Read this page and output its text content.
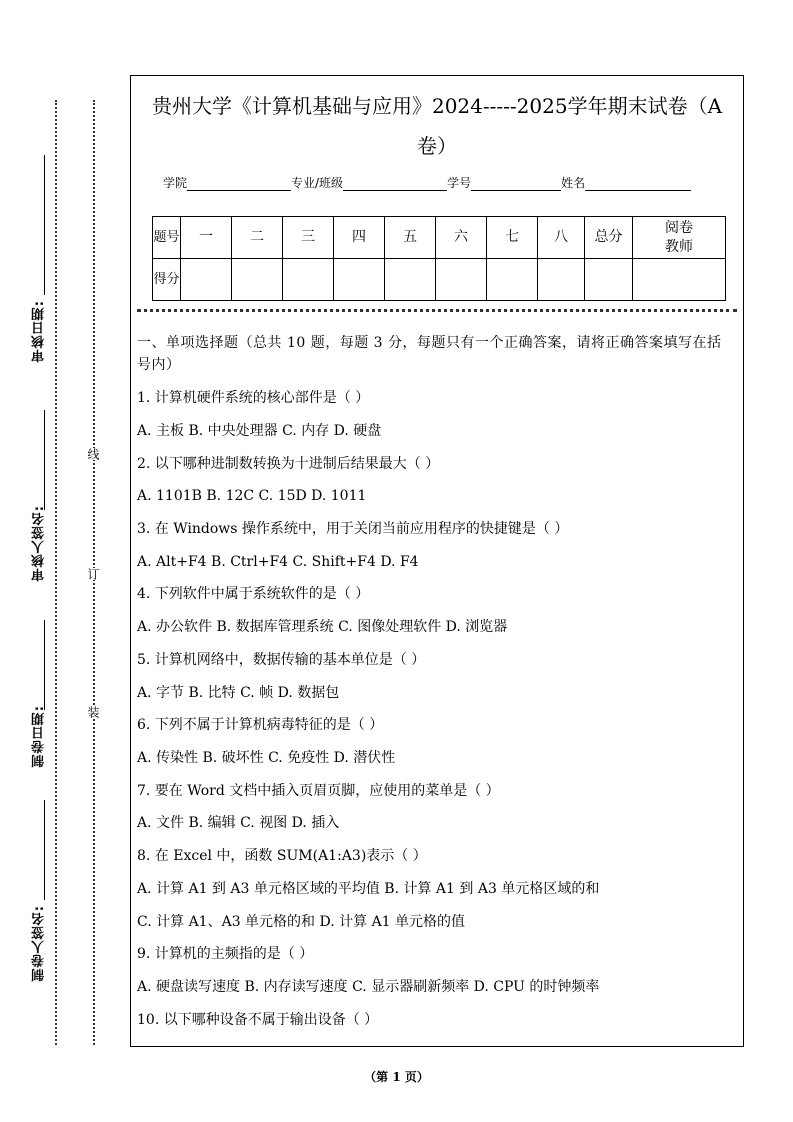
审核日期:
审核人签名:
制卷日期:
制卷人签名:
线
订
装
贵州大学《计算机基础与应用》2024-----2025学年期末试卷（A卷）
学院	专业/班级	学号	姓名
题号	一	二	三	四	五	六	七	八	总分	阅卷教师
得分										
一、单项选择题（总共 10 题，每题 3 分，每题只有一个正确答案，请将正确答案填写在括号内）
1. 计算机硬件系统的核心部件是（ ）
A. 主板 B. 中央处理器 C. 内存 D. 硬盘
2. 以下哪种进制数转换为十进制后结果最大（ ）
A. 1101B B. 12C C. 15D D. 1011
3. 在 Windows 操作系统中，用于关闭当前应用程序的快捷键是（ ）
A. Alt+F4 B. Ctrl+F4 C. Shift+F4 D. F4
4. 下列软件中属于系统软件的是（ ）
A. 办公软件 B. 数据库管理系统 C. 图像处理软件 D. 浏览器
5. 计算机网络中，数据传输的基本单位是（ ）
A. 字节 B. 比特 C. 帧 D. 数据包
6. 下列不属于计算机病毒特征的是（ ）
A. 传染性 B. 破坏性 C. 免疫性 D. 潜伏性
7. 要在 Word 文档中插入页眉页脚，应使用的菜单是（ ）
A. 文件 B. 编辑 C. 视图 D. 插入
8. 在 Excel 中，函数 SUM(A1:A3)表示（ ）
A. 计算 A1 到 A3 单元格区域的平均值 B. 计算 A1 到 A3 单元格区域的和
C. 计算 A1、A3 单元格的和 D. 计算 A1 单元格的值
9. 计算机的主频指的是（ ）
A. 硬盘读写速度 B. 内存读写速度 C. 显示器刷新频率 D. CPU 的时钟频率
10. 以下哪种设备不属于输出设备（ ）
（第 1 页）
